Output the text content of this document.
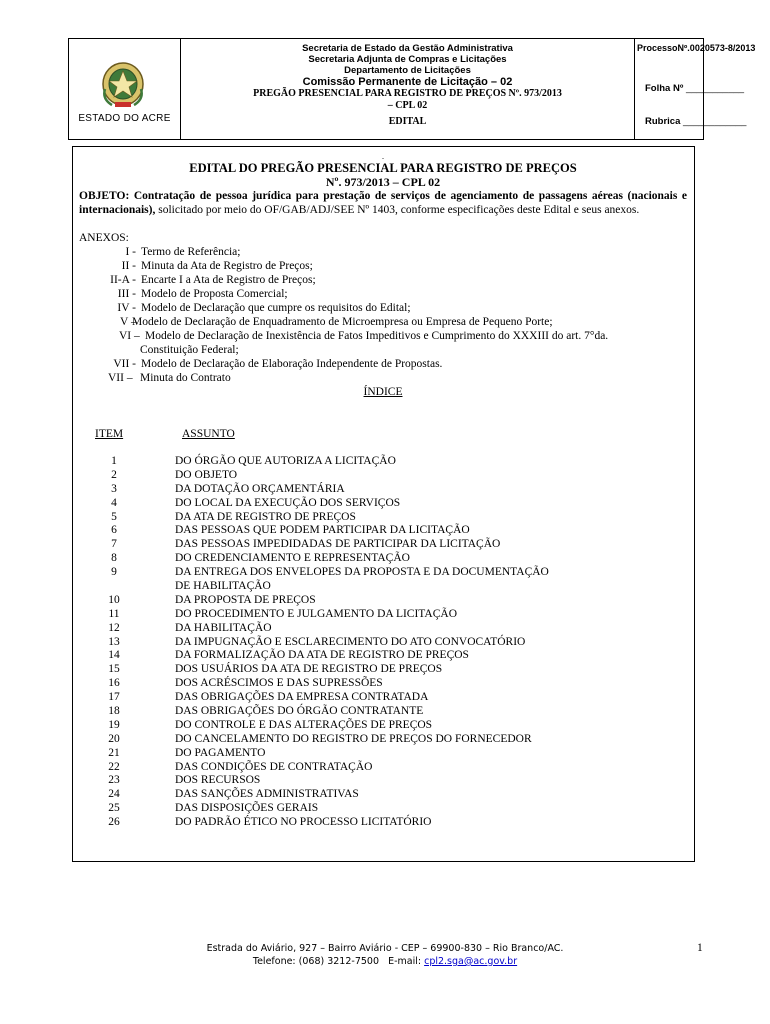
ESTADO DO ACRE
Secretaria de Estado da Gestão Administrativa
Secretaria Adjunta de Compras e Licitações
Departamento de Licitações
Comissão Permanente de Licitação – 02
PREGÃO PRESENCIAL PARA REGISTRO DE PREÇOS Nº. 973/2013
– CPL 02
EDITAL
ProcessoNº.0020573-8/2013
Folha Nº ___________
Rubrica ____________
.
EDITAL DO PREGÃO PRESENCIAL PARA REGISTRO DE PREÇOS
Nº. 973/2013 – CPL 02
OBJETO: Contratação de pessoa jurídica para prestação de serviços de agenciamento de passagens aéreas (nacionais e internacionais), solicitado por meio do OF/GAB/ADJ/SEE Nº 1403, conforme especificações deste Edital e seus anexos.
ANEXOS:
I - Termo de Referência;
II - Minuta da Ata de Registro de Preços;
II-A - Encarte I a Ata de Registro de Preços;
III - Modelo de Proposta Comercial;
IV - Modelo de Declaração que cumpre os requisitos do Edital;
V –
Modelo de Declaração de Enquadramento de Microempresa ou Empresa de Pequeno Porte;
VI – Modelo de Declaração de Inexistência de Fatos Impeditivos e Cumprimento do XXXIII do art. 7°da.
Constituição Federal;
VII - Modelo de Declaração de Elaboração Independente de Propostas.
VII – Minuta do Contrato
ÍNDICE
ITEM	ASSUNTO
1	DO ÓRGÃO QUE AUTORIZA A LICITAÇÃO
2	DO OBJETO
3	DA DOTAÇÃO ORÇAMENTÁRIA
4	DO LOCAL DA EXECUÇÃO DOS SERVIÇOS
5	DA ATA DE REGISTRO DE PREÇOS
6	DAS PESSOAS QUE PODEM PARTICIPAR DA LICITAÇÃO
7	DAS PESSOAS IMPEDIDADAS DE PARTICIPAR DA LICITAÇÃO
8	DO CREDENCIAMENTO E REPRESENTAÇÃO
9	DA ENTREGA DOS ENVELOPES DA PROPOSTA E DA DOCUMENTAÇÃO
DE HABILITAÇÃO
10	DA PROPOSTA DE PREÇOS
11	DO PROCEDIMENTO E JULGAMENTO DA LICITAÇÃO
12	DA HABILITAÇÃO
13	DA IMPUGNAÇÃO E ESCLARECIMENTO DO ATO CONVOCATÓRIO
14	DA FORMALIZAÇÃO DA ATA DE REGISTRO DE PREÇOS
15	DOS USUÁRIOS DA ATA DE REGISTRO DE PREÇOS
16	DOS ACRÉSCIMOS E DAS SUPRESSÕES
17	DAS OBRIGAÇÕES DA EMPRESA CONTRATADA
18	DAS OBRIGAÇÕES DO ÓRGÃO CONTRATANTE
19	DO CONTROLE E DAS ALTERAÇÕES DE PREÇOS
20	DO CANCELAMENTO DO REGISTRO DE PREÇOS DO FORNECEDOR
21	DO PAGAMENTO
22	DAS CONDIÇÕES DE CONTRATAÇÃO
23	DOS RECURSOS
24	DAS SANÇÕES ADMINISTRATIVAS
25	DAS DISPOSIÇÕES GERAIS
26	DO PADRÃO ÉTICO NO PROCESSO LICITATÓRIO
Estrada do Aviário, 927 – Bairro Aviário - CEP – 69900-830 – Rio Branco/AC.
Telefone: (068) 3212-7500 E-mail: cpl2.sga@ac.gov.br
1
